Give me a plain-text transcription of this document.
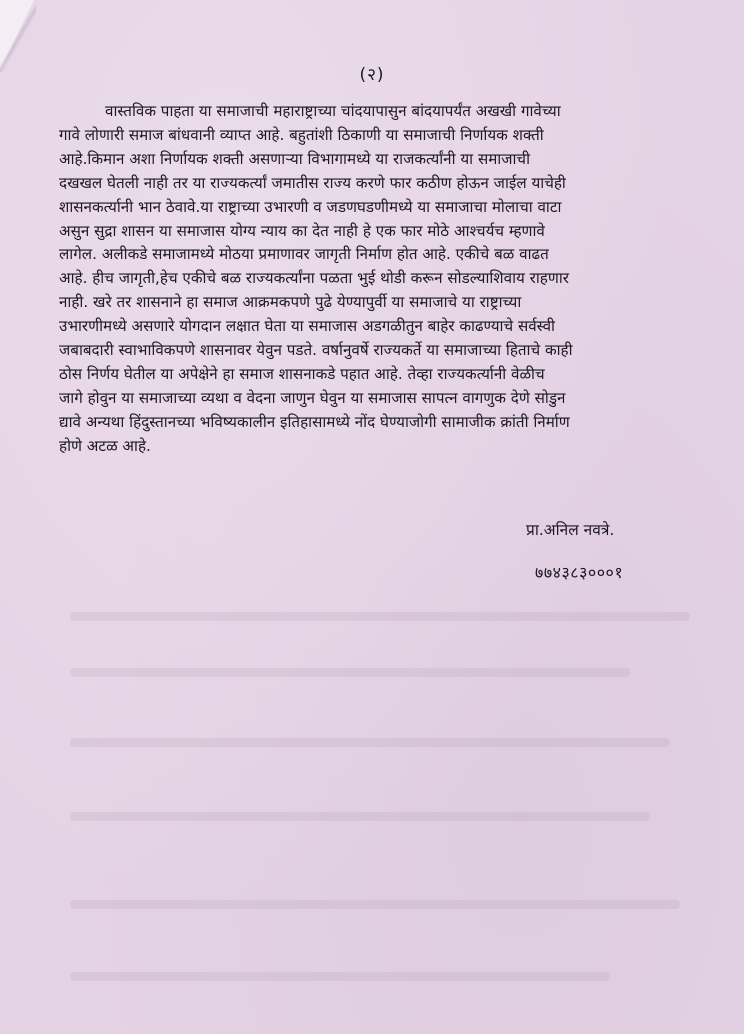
(२)

वास्तविक पाहता या समाजाची महाराष्ट्राच्या चांदयापासुन बांदयापर्यंत अखखी गावेच्या
गावे लोणारी समाज बांधवानी व्याप्त आहे. बहुतांशी ठिकाणी या समाजाची निर्णायक शक्ती
आहे.किमान अशा निर्णायक शक्ती असणाऱ्या विभागामध्ये या राजकर्त्यांनी या समाजाची
दखखल घेतली नाही तर या राज्यकर्त्यां जमातीस राज्य करणे फार कठीण होऊन जाईल याचेही
शासनकर्त्यानी भान ठेवावे.या राष्ट्राच्या उभारणी व जडणघडणीमध्ये या समाजाचा मोलाचा वाटा
असुन सुद्रा शासन या समाजास योग्य न्याय का देत नाही हे एक फार मोठे आश्चर्यच म्हणावे
लागेल. अलीकडे समाजामध्ये मोठया प्रमाणावर जागृती निर्माण होत आहे. एकीचे बळ वाढत
आहे. हीच जागृती,हेच एकीचे बळ राज्यकर्त्यांना पळता भुई थोडी करून सोडल्याशिवाय राहणार
नाही. खरे तर शासनाने हा समाज आक्रमकपणे पुढे येण्यापुर्वी या समाजाचे या राष्ट्राच्या
उभारणीमध्ये असणारे योगदान लक्षात घेता या समाजास अडगळीतुन बाहेर काढण्याचे सर्वस्वी
जबाबदारी स्वाभाविकपणे शासनावर येवुन पडते. वर्षानुवर्षे राज्यकर्ते या समाजाच्या हिताचे काही
ठोस निर्णय घेतील या अपेक्षेने हा समाज शासनाकडे पहात आहे. तेव्हा राज्यकर्त्यानी वेळीच
जागे होवुन या समाजाच्या व्यथा व वेदना जाणुन घेवुन या समाजास सापत्न वागणुक देणे सोडुन
द्यावे अन्यथा हिंदुस्तानच्या भविष्यकालीन इतिहासामध्ये नोंद घेण्याजोगी सामाजीक क्रांती निर्माण
होणे अटळ आहे.

प्रा.अनिल नवत्रे.
७७४३८३०००१
